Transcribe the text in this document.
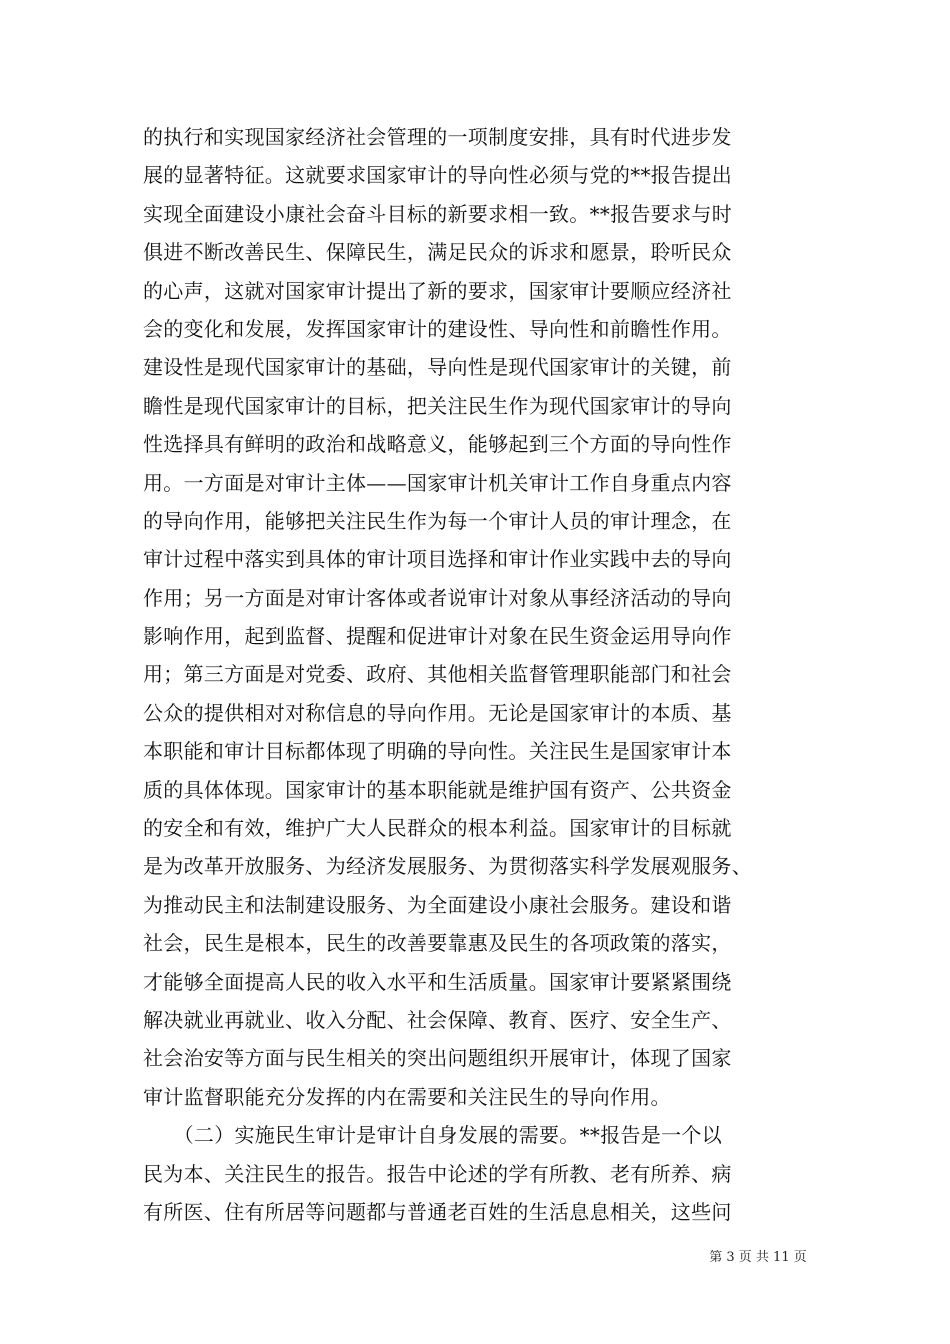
的执行和实现国家经济社会管理的一项制度安排，具有时代进步发
展的显著特征。这就要求国家审计的导向性必须与党的**报告提出
实现全面建设小康社会奋斗目标的新要求相一致。**报告要求与时
俱进不断改善民生、保障民生，满足民众的诉求和愿景，聆听民众
的心声，这就对国家审计提出了新的要求，国家审计要顺应经济社
会的变化和发展，发挥国家审计的建设性、导向性和前瞻性作用。
建设性是现代国家审计的基础，导向性是现代国家审计的关键，前
瞻性是现代国家审计的目标，把关注民生作为现代国家审计的导向
性选择具有鲜明的政治和战略意义，能够起到三个方面的导向性作
用。一方面是对审计主体——国家审计机关审计工作自身重点内容
的导向作用，能够把关注民生作为每一个审计人员的审计理念，在
审计过程中落实到具体的审计项目选择和审计作业实践中去的导向
作用；另一方面是对审计客体或者说审计对象从事经济活动的导向
影响作用，起到监督、提醒和促进审计对象在民生资金运用导向作
用；第三方面是对党委、政府、其他相关监督管理职能部门和社会
公众的提供相对对称信息的导向作用。无论是国家审计的本质、基
本职能和审计目标都体现了明确的导向性。关注民生是国家审计本
质的具体体现。国家审计的基本职能就是维护国有资产、公共资金
的安全和有效，维护广大人民群众的根本利益。国家审计的目标就
是为改革开放服务、为经济发展服务、为贯彻落实科学发展观服务、
为推动民主和法制建设服务、为全面建设小康社会服务。建设和谐
社会，民生是根本，民生的改善要靠惠及民生的各项政策的落实，
才能够全面提高人民的收入水平和生活质量。国家审计要紧紧围绕
解决就业再就业、收入分配、社会保障、教育、医疗、安全生产、
社会治安等方面与民生相关的突出问题组织开展审计，体现了国家
审计监督职能充分发挥的内在需要和关注民生的导向作用。
　　（二）实施民生审计是审计自身发展的需要。**报告是一个以
民为本、关注民生的报告。报告中论述的学有所教、老有所养、病
有所医、住有所居等问题都与普通老百姓的生活息息相关，这些问
第 3 页 共 11 页
